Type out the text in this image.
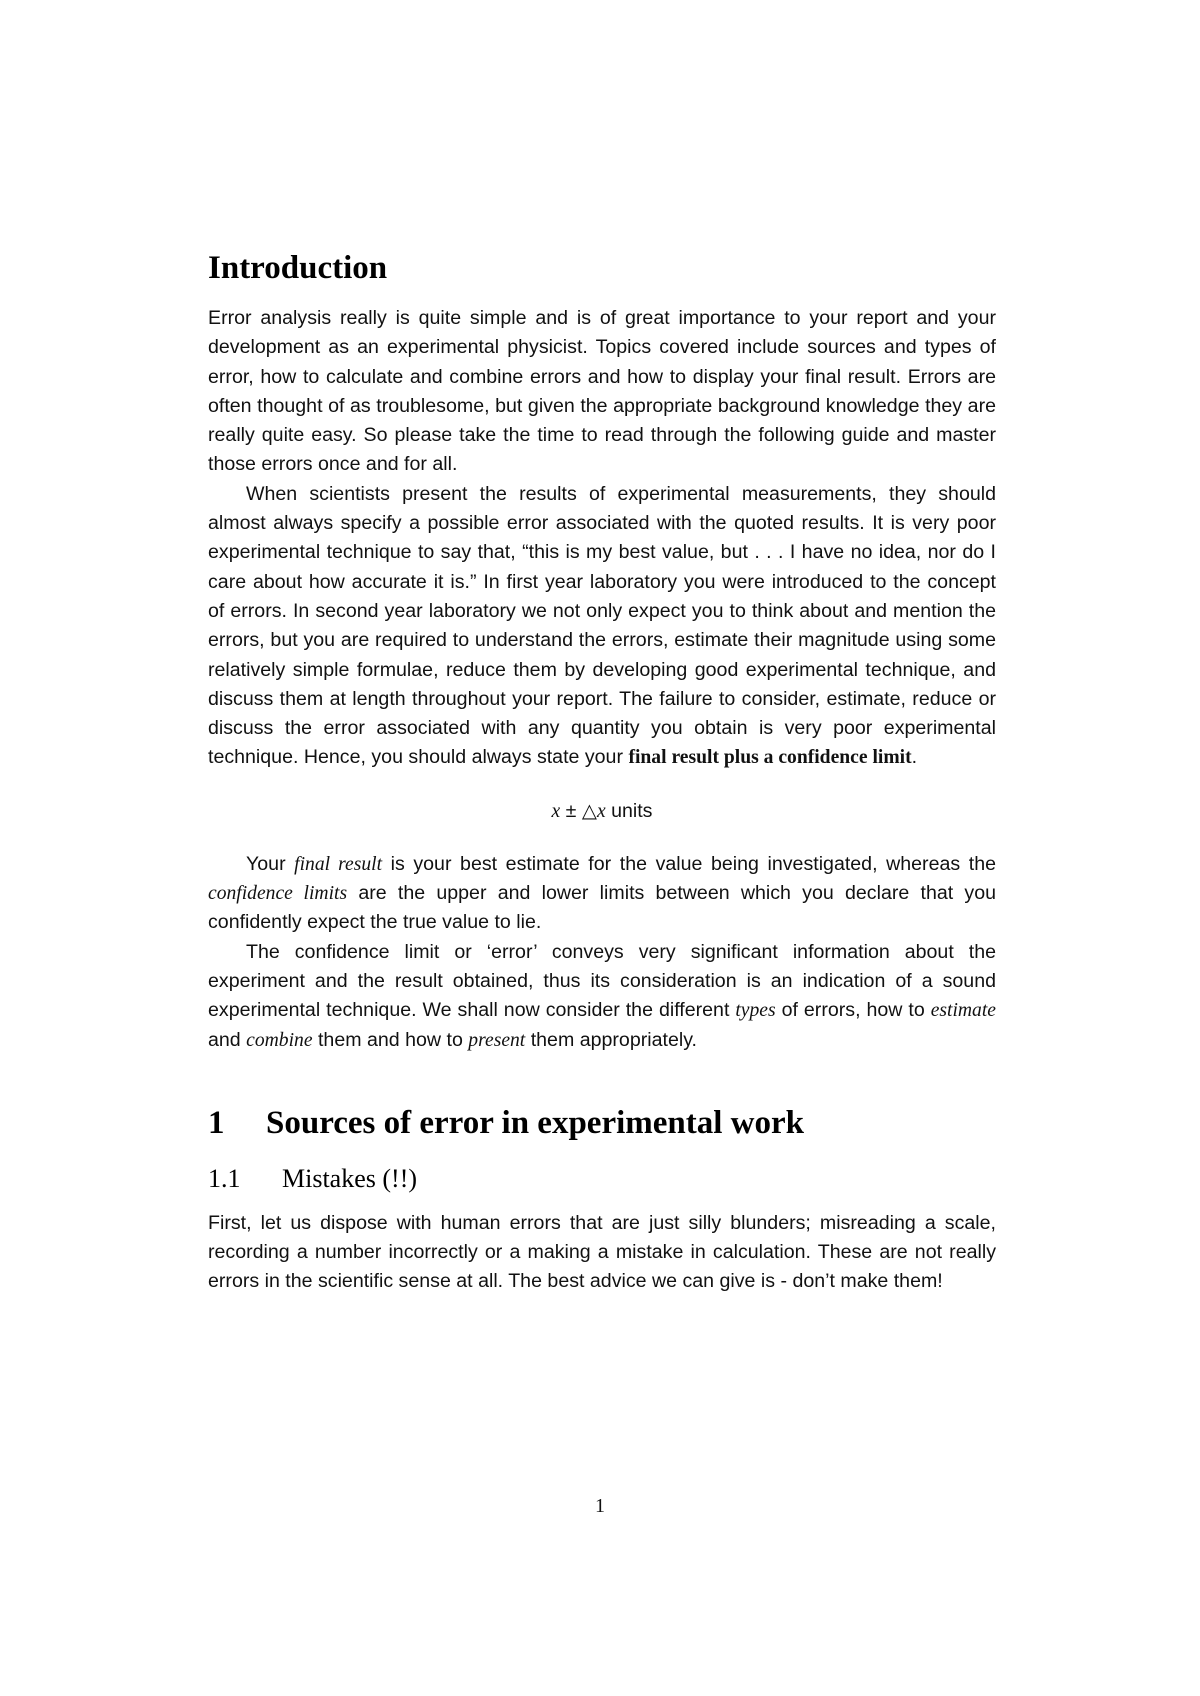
Introduction

Error analysis really is quite simple and is of great importance to your report and your development as an experimental physicist. Topics covered include sources and types of error, how to calculate and combine errors and how to display your final result. Errors are often thought of as troublesome, but given the appropriate background knowledge they are really quite easy. So please take the time to read through the following guide and master those errors once and for all.

When scientists present the results of experimental measurements, they should almost always specify a possible error associated with the quoted results. It is very poor experimental technique to say that, “this is my best value, but . . . I have no idea, nor do I care about how accurate it is.” In first year laboratory you were introduced to the concept of errors. In second year laboratory we not only expect you to think about and mention the errors, but you are required to understand the errors, estimate their magnitude using some relatively simple formulae, reduce them by developing good experimental technique, and discuss them at length throughout your report. The failure to consider, estimate, reduce or discuss the error associated with any quantity you obtain is very poor experimental technique. Hence, you should always state your final result plus a confidence limit.

x ± △x units

Your final result is your best estimate for the value being investigated, whereas the confidence limits are the upper and lower limits between which you declare that you confidently expect the true value to lie.

The confidence limit or ‘error’ conveys very significant information about the experiment and the result obtained, thus its consideration is an indication of a sound experimental technique. We shall now consider the different types of errors, how to estimate and combine them and how to present them appropriately.

1	Sources of error in experimental work
1.1	Mistakes (!!)

First, let us dispose with human errors that are just silly blunders; misreading a scale, recording a number incorrectly or a making a mistake in calculation. These are not really errors in the scientific sense at all. The best advice we can give is - don’t make them!

1
